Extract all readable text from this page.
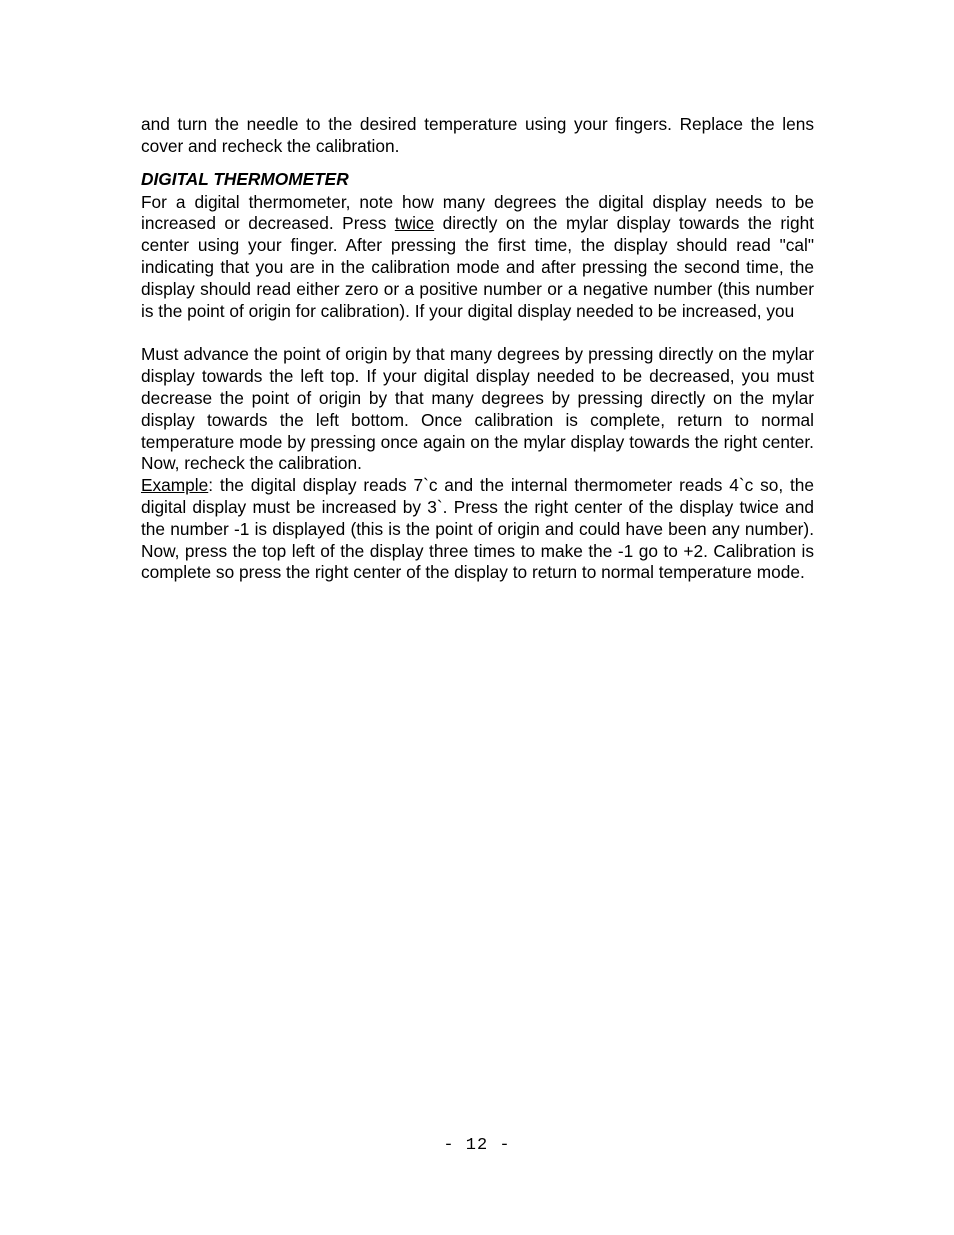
and turn the needle to the desired temperature using your fingers. Replace the lens cover and recheck the calibration.

DIGITAL THERMOMETER

For a digital thermometer, note how many degrees the digital display needs to be increased or decreased. Press twice directly on the mylar display towards the right center using your finger. After pressing the first time, the display should read "cal" indicating that you are in the calibration mode and after pressing the second time, the display should read either zero or a positive number or a negative number (this number is the point of origin for calibration). If your digital display needed to be increased, you

Must advance the point of origin by that many degrees by pressing directly on the mylar display towards the left top. If your digital display needed to be decreased, you must decrease the point of origin by that many degrees by pressing directly on the mylar display towards the left bottom. Once calibration is complete, return to normal temperature mode by pressing once again on the mylar display towards the right center. Now, recheck the calibration.

Example: the digital display reads 7`c and the internal thermometer reads 4`c so, the digital display must be increased by 3`. Press the right center of the display twice and the number -1 is displayed (this is the point of origin and could have been any number). Now, press the top left of the display three times to make the -1 go to +2. Calibration is complete so press the right center of the display to return to normal temperature mode.

- 12 -
